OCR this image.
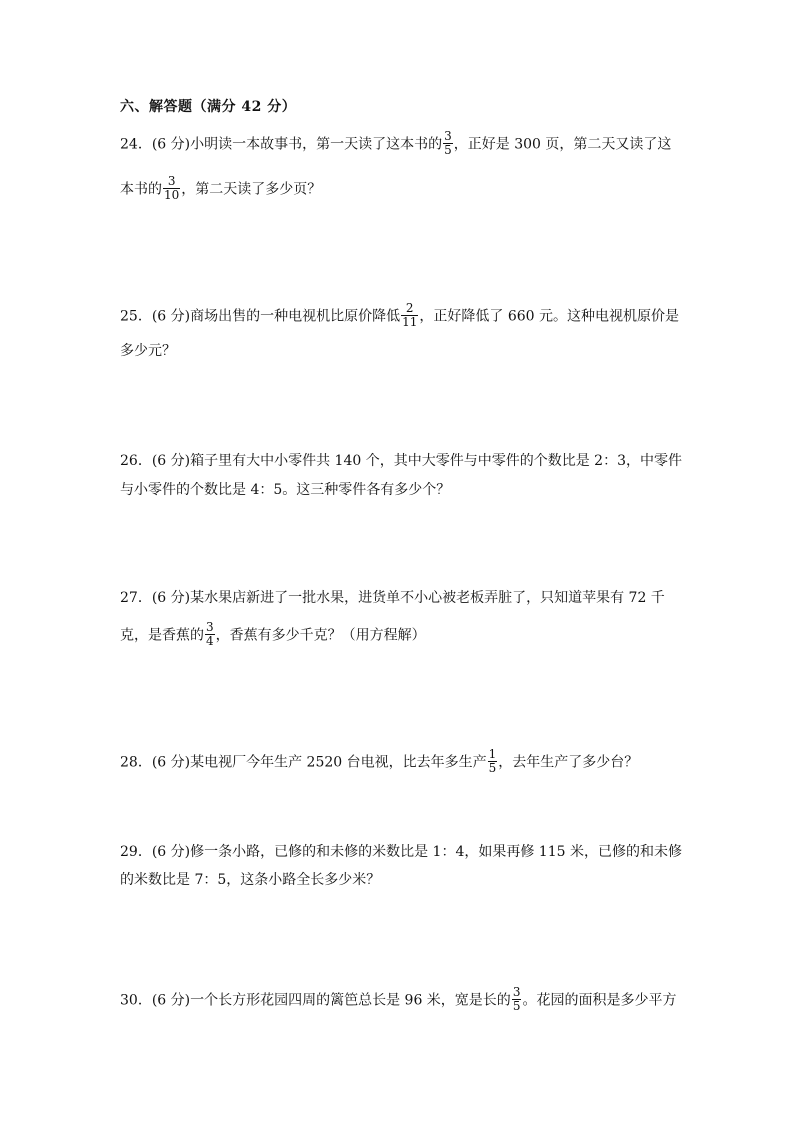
六、解答题（满分 42 分）
24．(6 分)小明读一本故事书，第一天读了这本书的 $\frac{3}{5}$ ，正好是 300 页，第二天又读了这
本书的 $\frac{3}{10}$ ，第二天读了多少页？
25．(6 分)商场出售的一种电视机比原价降低 $\frac{2}{11}$ ，正好降低了 660 元。这种电视机原价是
多少元？
26．(6 分)箱子里有大中小零件共 140 个，其中大零件与中零件的个数比是 2：3，中零件
与小零件的个数比是 4：5。这三种零件各有多少个？
27．(6 分)某水果店新进了一批水果，进货单不小心被老板弄脏了，只知道苹果有 72 千
克，是香蕉的 $\frac{3}{4}$ ，香蕉有多少千克？（用方程解）
28．(6 分)某电视厂今年生产 2520 台电视，比去年多生产 $\frac{1}{5}$ ，去年生产了多少台？
29．(6 分)修一条小路，已修的和未修的米数比是 1：4，如果再修 115 米，已修的和未修
的米数比是 7：5，这条小路全长多少米？
30．(6 分)一个长方形花园四周的篱笆总长是 96 米，宽是长的 $\frac{3}{5}$ 。花园的面积是多少平方
